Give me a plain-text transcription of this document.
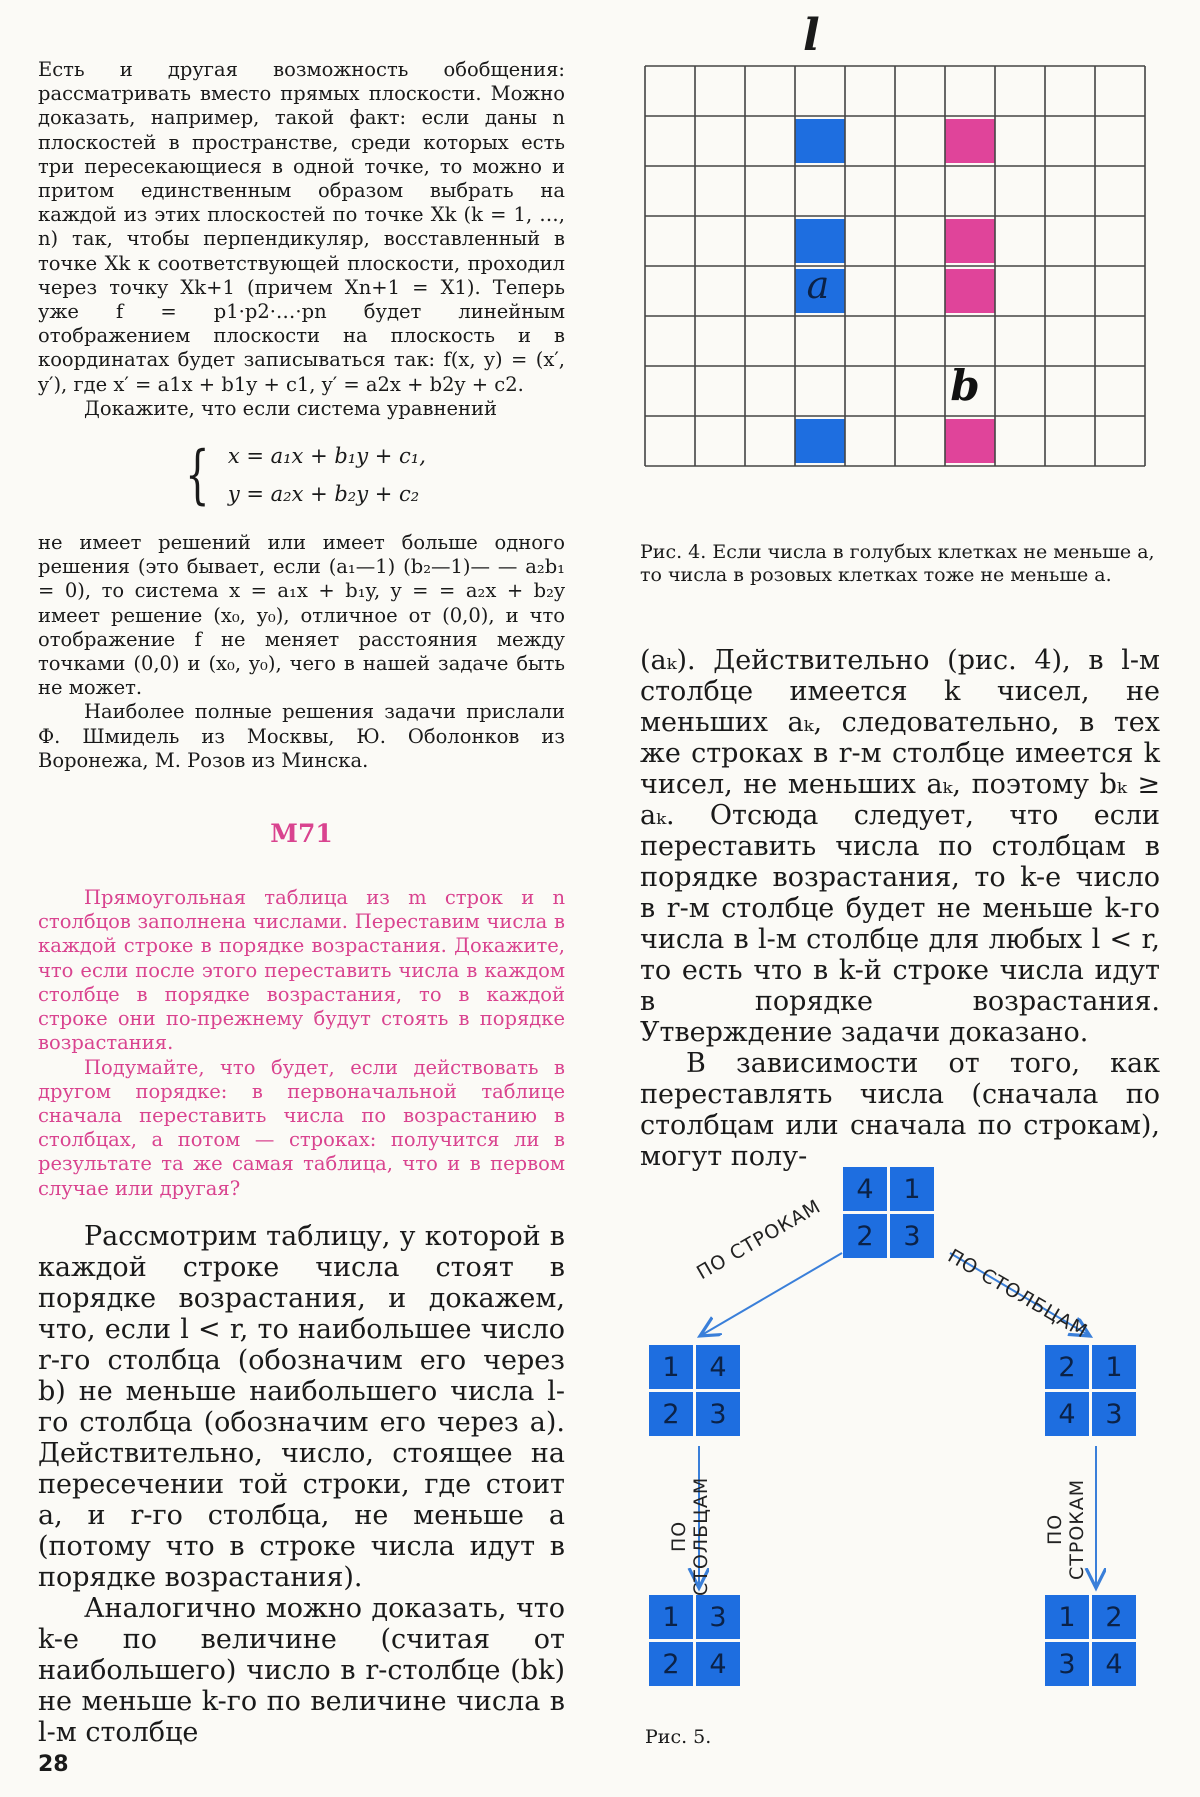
Есть и другая возможность обобщения: рассматривать вместо прямых плоскости. Можно доказать, например, такой факт: если даны n плоскостей в пространстве, среди которых есть три пересекающиеся в одной точке, то можно и притом единственным образом выбрать на каждой из этих плоскостей по точке Xk (k = 1, …, n) так, чтобы перпендикуляр, восставленный в точке Xk к соответствующей плоскости, проходил через точку Xk+1 (причем Xn+1 = X1). Теперь уже f = p1·p2·…·pn будет линейным отображением плоскости на плоскость и в координатах будет записываться так: f(x, y) = (x′, y′), где x′ = a1x + b1y + c1, y′ = a2x + b2y + c2.

Докажите, что если система уравнений

{ x = a₁x + b₁y + c₁,
y = a₂x + b₂y + c₂

не имеет решений или имеет больше одного решения (это бывает, если (a₁—1) (b₂—1)— — a₂b₁ = 0), то система x = a₁x + b₁y, y = = a₂x + b₂y имеет решение (x₀, y₀), отличное от (0,0), и что отображение f не меняет расстояния между точками (0,0) и (x₀, y₀), чего в нашей задаче быть не может.

Наиболее полные решения задачи прислали Ф. Шмидель из Москвы, Ю. Оболонков из Воронежа, М. Розов из Минска.

М71

Прямоугольная таблица из m строк и n столбцов заполнена числами. Переставим числа в каждой строке в порядке возрастания. Докажите, что если после этого переставить числа в каждом столбце в порядке возрастания, то в каждой строке они по-прежнему будут стоять в порядке возрастания.

Подумайте, что будет, если действовать в другом порядке: в первоначальной таблице сначала переставить числа по возрастанию в столбцах, а потом — строках: получится ли в результате та же самая таблица, что и в первом случае или другая?

Рассмотрим таблицу, у которой в каждой строке числа стоят в порядке возрастания, и докажем, что, если l < r, то наибольшее число r-го столбца (обозначим его через b) не меньше наибольшего числа l-го столбца (обозначим его через a). Действительно, число, стоящее на пересечении той строки, где стоит a, и r-го столбца, не меньше a (потому что в строке числа идут в порядке возрастания).

Аналогично можно доказать, что k-е по величине (считая от наибольшего) число в r-столбце (bk) не меньше k-го по величине числа в l-м столбце

28
l
a
b
Рис. 4. Если числа в голубых клетках не меньше a, то числа в розовых клетках тоже не меньше a.

(aₖ). Действительно (рис. 4), в l-м столбце имеется k чисел, не меньших aₖ, следовательно, в тех же строках в r-м столбце имеется k чисел, не меньших aₖ, поэтому bₖ ≥ aₖ. Отсюда следует, что если переставить числа по столбцам в порядке возрастания, то k-е число в r-м столбце будет не меньше k-го числа в l-м столбце для любых l < r, то есть что в k-й строке числа идут в порядке возрастания. Утверждение задачи доказано.

В зависимости от того, как переставлять числа (сначала по столбцам или сначала по строкам), могут полу-

4	1
2	3
1	4
2	3
2	1
4	3
1	3
2	4
1	2
3	4
ПО СТРОКАМ
ПО СТОЛБЦАМ
ПО СТОЛБЦАМ	ПО СТРОКАМ
Рис. 5.
